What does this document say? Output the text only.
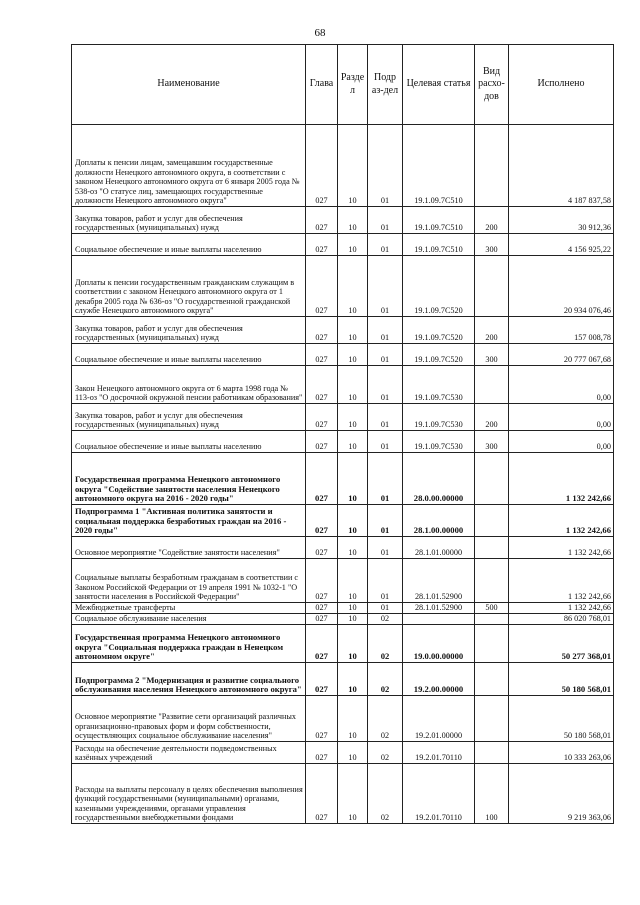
68
Наименование	Глава	Разде л	Подр аз-дел	Целевая статья	Вид расхо-дов	Исполнено
Доплаты к пенсии лицам, замещавшим государственные должности Ненецкого автономного округа, в соответствии с законом Ненецкого автономного округа от 6 января 2005 года № 538-оз "О статусе лиц, замещающих государственные должности Ненецкого автономного округа"	027	10	01	19.1.09.7С510		4 187 837,58
Закупка товаров, работ и услуг для обеспечения государственных (муниципальных) нужд	027	10	01	19.1.09.7С510	200	30 912,36
Социальное обеспечение и иные выплаты населению	027	10	01	19.1.09.7С510	300	4 156 925,22
Доплаты к пенсии государственным гражданским служащим в соответствии с законом Ненецкого автономного округа от 1 декабря 2005 года № 636-оз "О государственной гражданской службе Ненецкого автономного округа"	027	10	01	19.1.09.7С520		20 934 076,46
Закупка товаров, работ и услуг для обеспечения государственных (муниципальных) нужд	027	10	01	19.1.09.7С520	200	157 008,78
Социальное обеспечение и иные выплаты населению	027	10	01	19.1.09.7С520	300	20 777 067,68
Закон Ненецкого автономного округа от 6 марта 1998 года № 113-оз "О досрочной окружной пенсии работникам образования"	027	10	01	19.1.09.7С530		0,00
Закупка товаров, работ и услуг для обеспечения государственных (муниципальных) нужд	027	10	01	19.1.09.7С530	200	0,00
Социальное обеспечение и иные выплаты населению	027	10	01	19.1.09.7С530	300	0,00
Государственная программа Ненецкого автономного округа "Содействие занятости населения Ненецкого автономного округа на 2016 - 2020 годы"	027	10	01	28.0.00.00000		1 132 242,66
Подпрограмма 1 "Активная политика занятости и социальная поддержка безработных граждан на 2016 - 2020 годы"	027	10	01	28.1.00.00000		1 132 242,66
Основное мероприятие "Содействие занятости населения"	027	10	01	28.1.01.00000		1 132 242,66
Социальные выплаты безработным гражданам в соответствии с Законом Российской Федерации от 19 апреля 1991 № 1032-1 "О занятости населения в Российской Федерации"	027	10	01	28.1.01.52900		1 132 242,66
Межбюджетные трансферты	027	10	01	28.1.01.52900	500	1 132 242,66
Социальное обслуживание населения	027	10	02			86 020 768,01
Государственная программа Ненецкого автономного округа "Социальная поддержка граждан в Ненецком автономном округе"	027	10	02	19.0.00.00000		50 277 368,01
Подпрограмма 2 "Модернизация и развитие социального обслуживания населения Ненецкого автономного округа"	027	10	02	19.2.00.00000		50 180 568,01
Основное мероприятие "Развитие сети организаций различных организационно-правовых форм и форм собственности, осуществляющих социальное обслуживание населения"	027	10	02	19.2.01.00000		50 180 568,01
Расходы на обеспечение деятельности подведомственных казённых учреждений	027	10	02	19.2.01.70110		10 333 263,06
Расходы на выплаты персоналу в целях обеспечения выполнения функций государственными (муниципальными) органами, казенными учреждениями, органами управления государственными внебюджетными фондами	027	10	02	19.2.01.70110	100	9 219 363,06
